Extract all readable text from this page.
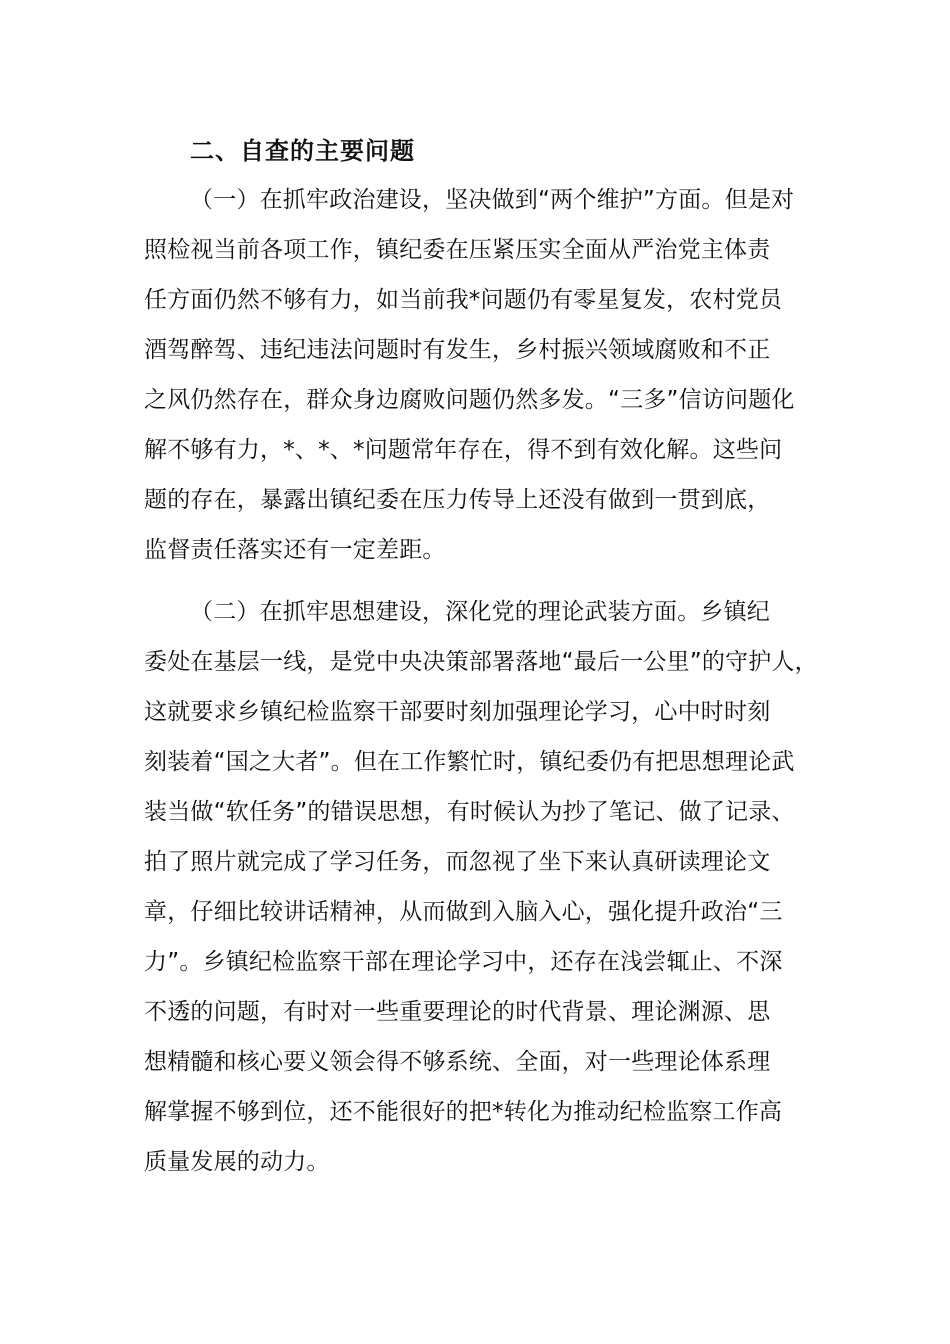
二、自查的主要问题
（一）在抓牢政治建设，坚决做到“两个维护”方面。但是对
照检视当前各项工作，镇纪委在压紧压实全面从严治党主体责
任方面仍然不够有力，如当前我*问题仍有零星复发，农村党员
酒驾醉驾、违纪违法问题时有发生，乡村振兴领域腐败和不正
之风仍然存在，群众身边腐败问题仍然多发。“三多”信访问题化
解不够有力，*、*、*问题常年存在，得不到有效化解。这些问
题的存在，暴露出镇纪委在压力传导上还没有做到一贯到底，
监督责任落实还有一定差距。
（二）在抓牢思想建设，深化党的理论武装方面。乡镇纪
委处在基层一线，是党中央决策部署落地“最后一公里”的守护人，
这就要求乡镇纪检监察干部要时刻加强理论学习，心中时时刻
刻装着“国之大者”。但在工作繁忙时，镇纪委仍有把思想理论武
装当做“软任务”的错误思想，有时候认为抄了笔记、做了记录、
拍了照片就完成了学习任务，而忽视了坐下来认真研读理论文
章，仔细比较讲话精神，从而做到入脑入心，强化提升政治“三
力”。乡镇纪检监察干部在理论学习中，还存在浅尝辄止、不深
不透的问题，有时对一些重要理论的时代背景、理论渊源、思
想精髓和核心要义领会得不够系统、全面，对一些理论体系理
解掌握不够到位，还不能很好的把*转化为推动纪检监察工作高
质量发展的动力。
